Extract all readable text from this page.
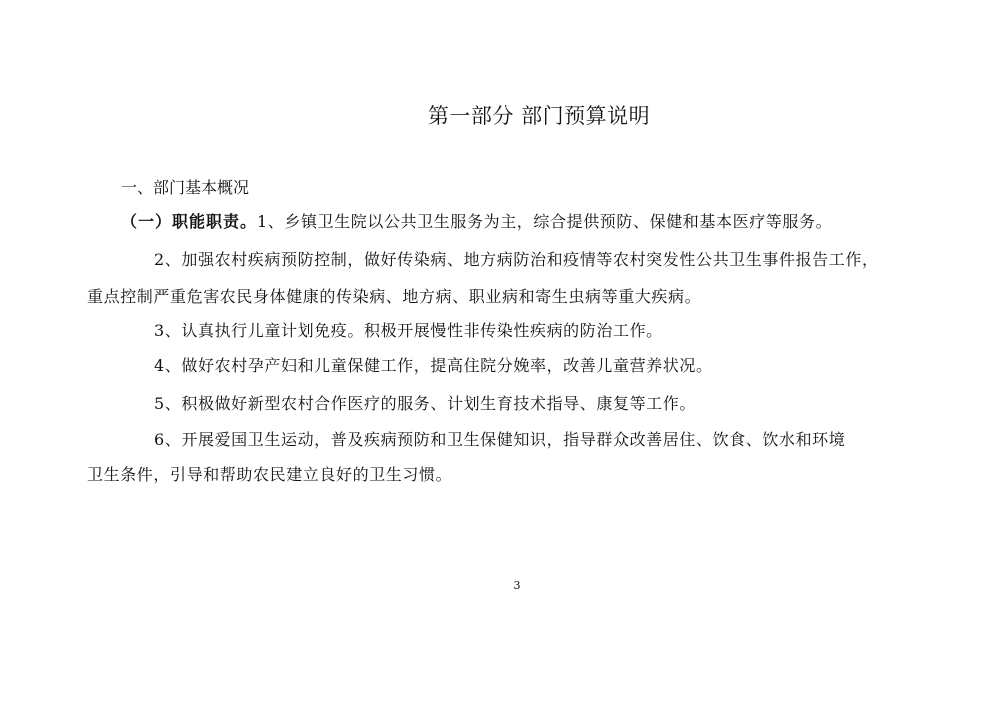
第一部分 部门预算说明
一、部门基本概况
（一）职能职责。1、乡镇卫生院以公共卫生服务为主，综合提供预防、保健和基本医疗等服务。
2、加强农村疾病预防控制，做好传染病、地方病防治和疫情等农村突发性公共卫生事件报告工作，
重点控制严重危害农民身体健康的传染病、地方病、职业病和寄生虫病等重大疾病。
3、认真执行儿童计划免疫。积极开展慢性非传染性疾病的防治工作。
4、做好农村孕产妇和儿童保健工作，提高住院分娩率，改善儿童营养状况。
5、积极做好新型农村合作医疗的服务、计划生育技术指导、康复等工作。
6、开展爱国卫生运动，普及疾病预防和卫生保健知识，指导群众改善居住、饮食、饮水和环境
卫生条件，引导和帮助农民建立良好的卫生习惯。
3
